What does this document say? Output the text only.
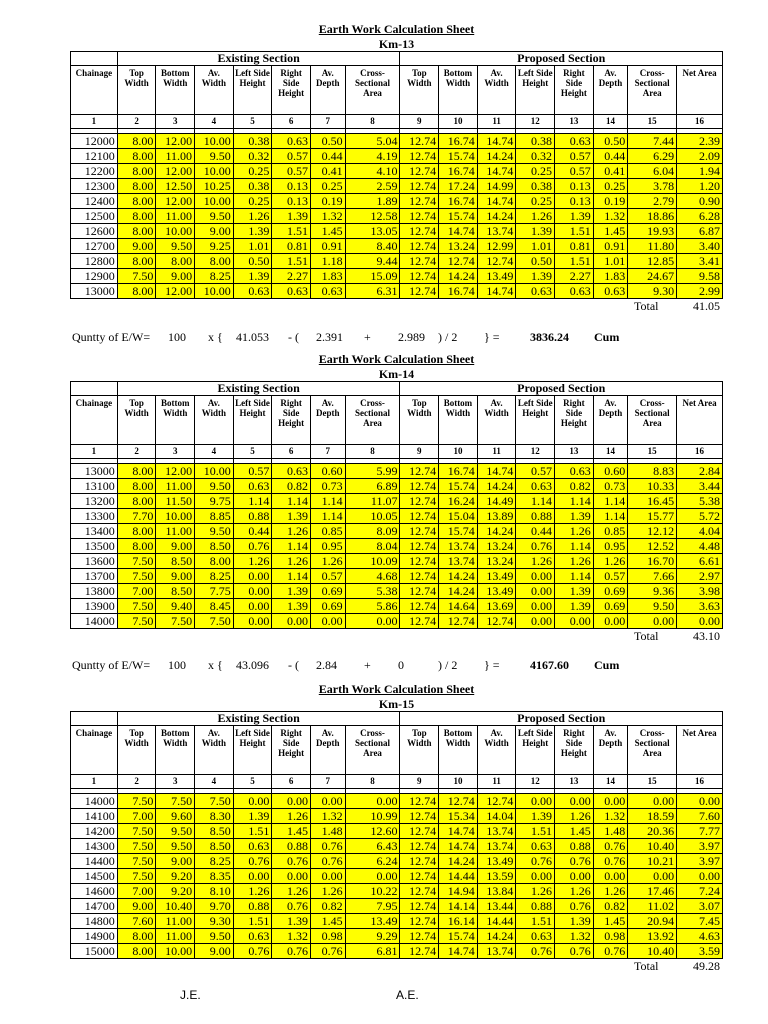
Earth Work Calculation Sheet
Km-13
	Existing Section							Proposed Section							
Chainage	Top Width	Bottom Width	Av. Width	Left Side Height	Right Side Height	Av. Depth	Cross-Sectional Area	Top Width	Bottom Width	Av. Width	Left Side Height	Right Side Height	Av. Depth	Cross-Sectional Area	Net Area
1	2	3	4	5	6	7	8	9	10	11	12	13	14	15	16

12000	8.00	12.00	10.00	0.38	0.63	0.50	5.04	12.74	16.74	14.74	0.38	0.63	0.50	7.44	2.39
12100	8.00	11.00	9.50	0.32	0.57	0.44	4.19	12.74	15.74	14.24	0.32	0.57	0.44	6.29	2.09
12200	8.00	12.00	10.00	0.25	0.57	0.41	4.10	12.74	16.74	14.74	0.25	0.57	0.41	6.04	1.94
12300	8.00	12.50	10.25	0.38	0.13	0.25	2.59	12.74	17.24	14.99	0.38	0.13	0.25	3.78	1.20
12400	8.00	12.00	10.00	0.25	0.13	0.19	1.89	12.74	16.74	14.74	0.25	0.13	0.19	2.79	0.90
12500	8.00	11.00	9.50	1.26	1.39	1.32	12.58	12.74	15.74	14.24	1.26	1.39	1.32	18.86	6.28
12600	8.00	10.00	9.00	1.39	1.51	1.45	13.05	12.74	14.74	13.74	1.39	1.51	1.45	19.93	6.87
12700	9.00	9.50	9.25	1.01	0.81	0.91	8.40	12.74	13.24	12.99	1.01	0.81	0.91	11.80	3.40
12800	8.00	8.00	8.00	0.50	1.51	1.18	9.44	12.74	12.74	12.74	0.50	1.51	1.01	12.85	3.41
12900	7.50	9.00	8.25	1.39	2.27	1.83	15.09	12.74	14.24	13.49	1.39	2.27	1.83	24.67	9.58
13000	8.00	12.00	10.00	0.63	0.63	0.63	6.31	12.74	16.74	14.74	0.63	0.63	0.63	9.30	2.99
Total	41.05
Earth Work Calculation Sheet
Km-14
	Existing Section							Proposed Section							
Chainage	Top Width	Bottom Width	Av. Width	Left Side Height	Right Side Height	Av. Depth	Cross-Sectional Area	Top Width	Bottom Width	Av. Width	Left Side Height	Right Side Height	Av. Depth	Cross-Sectional Area	Net Area
1	2	3	4	5	6	7	8	9	10	11	12	13	14	15	16

13000	8.00	12.00	10.00	0.57	0.63	0.60	5.99	12.74	16.74	14.74	0.57	0.63	0.60	8.83	2.84
13100	8.00	11.00	9.50	0.63	0.82	0.73	6.89	12.74	15.74	14.24	0.63	0.82	0.73	10.33	3.44
13200	8.00	11.50	9.75	1.14	1.14	1.14	11.07	12.74	16.24	14.49	1.14	1.14	1.14	16.45	5.38
13300	7.70	10.00	8.85	0.88	1.39	1.14	10.05	12.74	15.04	13.89	0.88	1.39	1.14	15.77	5.72
13400	8.00	11.00	9.50	0.44	1.26	0.85	8.09	12.74	15.74	14.24	0.44	1.26	0.85	12.12	4.04
13500	8.00	9.00	8.50	0.76	1.14	0.95	8.04	12.74	13.74	13.24	0.76	1.14	0.95	12.52	4.48
13600	7.50	8.50	8.00	1.26	1.26	1.26	10.09	12.74	13.74	13.24	1.26	1.26	1.26	16.70	6.61
13700	7.50	9.00	8.25	0.00	1.14	0.57	4.68	12.74	14.24	13.49	0.00	1.14	0.57	7.66	2.97
13800	7.00	8.50	7.75	0.00	1.39	0.69	5.38	12.74	14.24	13.49	0.00	1.39	0.69	9.36	3.98
13900	7.50	9.40	8.45	0.00	1.39	0.69	5.86	12.74	14.64	13.69	0.00	1.39	0.69	9.50	3.63
14000	7.50	7.50	7.50	0.00	0.00	0.00	0.00	12.74	12.74	12.74	0.00	0.00	0.00	0.00	0.00
Total	43.10
Earth Work Calculation Sheet
Km-15
	Existing Section							Proposed Section							
Chainage	Top Width	Bottom Width	Av. Width	Left Side Height	Right Side Height	Av. Depth	Cross-Sectional Area	Top Width	Bottom Width	Av. Width	Left Side Height	Right Side Height	Av. Depth	Cross-Sectional Area	Net Area
1	2	3	4	5	6	7	8	9	10	11	12	13	14	15	16

14000	7.50	7.50	7.50	0.00	0.00	0.00	0.00	12.74	12.74	12.74	0.00	0.00	0.00	0.00	0.00
14100	7.00	9.60	8.30	1.39	1.26	1.32	10.99	12.74	15.34	14.04	1.39	1.26	1.32	18.59	7.60
14200	7.50	9.50	8.50	1.51	1.45	1.48	12.60	12.74	14.74	13.74	1.51	1.45	1.48	20.36	7.77
14300	7.50	9.50	8.50	0.63	0.88	0.76	6.43	12.74	14.74	13.74	0.63	0.88	0.76	10.40	3.97
14400	7.50	9.00	8.25	0.76	0.76	0.76	6.24	12.74	14.24	13.49	0.76	0.76	0.76	10.21	3.97
14500	7.50	9.20	8.35	0.00	0.00	0.00	0.00	12.74	14.44	13.59	0.00	0.00	0.00	0.00	0.00
14600	7.00	9.20	8.10	1.26	1.26	1.26	10.22	12.74	14.94	13.84	1.26	1.26	1.26	17.46	7.24
14700	9.00	10.40	9.70	0.88	0.76	0.82	7.95	12.74	14.14	13.44	0.88	0.76	0.82	11.02	3.07
14800	7.60	11.00	9.30	1.51	1.39	1.45	13.49	12.74	16.14	14.44	1.51	1.39	1.45	20.94	7.45
14900	8.00	11.00	9.50	0.63	1.32	0.98	9.29	12.74	15.74	14.24	0.63	1.32	0.98	13.92	4.63
15000	8.00	10.00	9.00	0.76	0.76	0.76	6.81	12.74	14.74	13.74	0.76	0.76	0.76	10.40	3.59
Total	49.28
J.E.	A.E.
Quntty of E/W= 100 x { 41.053 - ( 2.391 + 2.989 ) / 2 } =	3836.24 Cum
Quntty of E/W= 100 x { 43.096 - ( 2.84 + 0	) / 2 } =	4167.60 Cum
